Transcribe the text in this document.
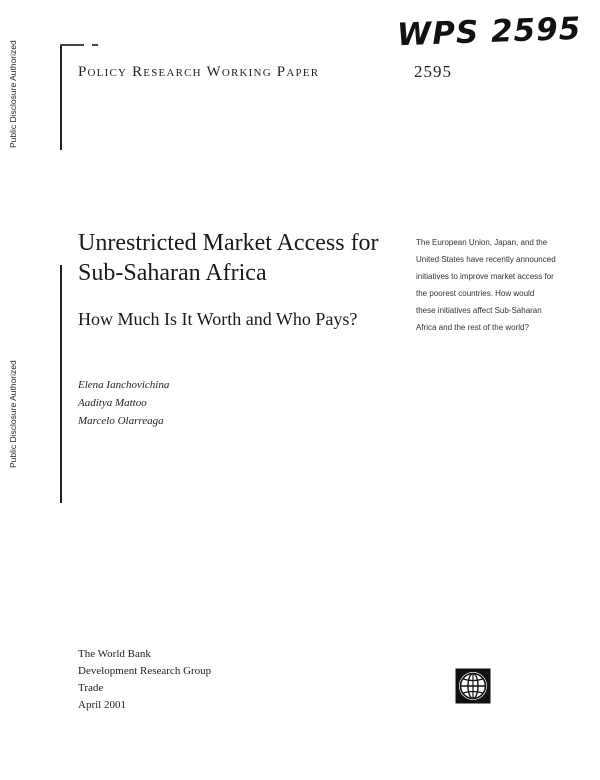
Public Disclosure Authorized
Public Disclosure Authorized
WPS 2595
Policy Research Working Paper	2595
Unrestricted Market Access for Sub-Saharan Africa
How Much Is It Worth and Who Pays?
Elena Ianchovichina
Aaditya Mattoo
Marcelo Olarreaga
The European Union, Japan, and the United States have recently announced initiatives to improve market access for the poorest countries. How would these initiatives affect Sub-Saharan Africa and the rest of the world?
The World Bank
Development Research Group
Trade
April 2001
